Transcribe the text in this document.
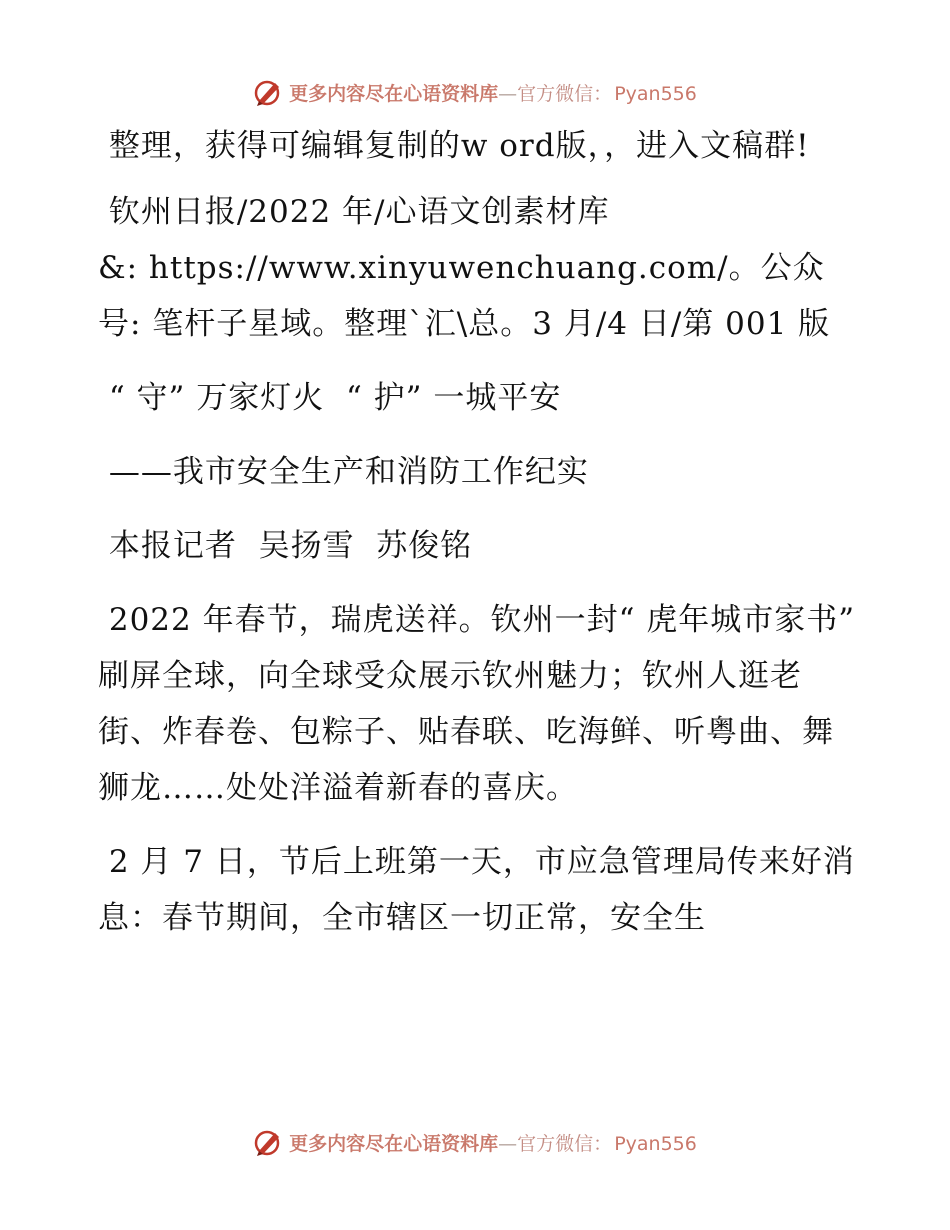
更多内容尽在心语资料库—官方微信： Pyan556

整理，获得可编辑复制的w ord版，，进入文稿群!

钦州日报/2022 年/心语文创素材库

&: https://www.xinyuwenchuang.com/。公众号: 笔杆子星域。整理`汇\总。3 月/4 日/第 001 版

“ 守” 万家灯火  “ 护” 一城平安

——我市安全生产和消防工作纪实

本报记者  吴扬雪  苏俊铭

2022 年春节，瑞虎送祥。钦州一封“ 虎年城市家书” 刷屏全球，向全球受众展示钦州魅力；钦州人逛老街、炸春卷、包粽子、贴春联、吃海鲜、听粤曲、舞狮龙……处处洋溢着新春的喜庆。

2 月 7 日，节后上班第一天，市应急管理局传来好消息：春节期间，全市辖区一切正常，安全生

更多内容尽在心语资料库—官方微信： Pyan556
